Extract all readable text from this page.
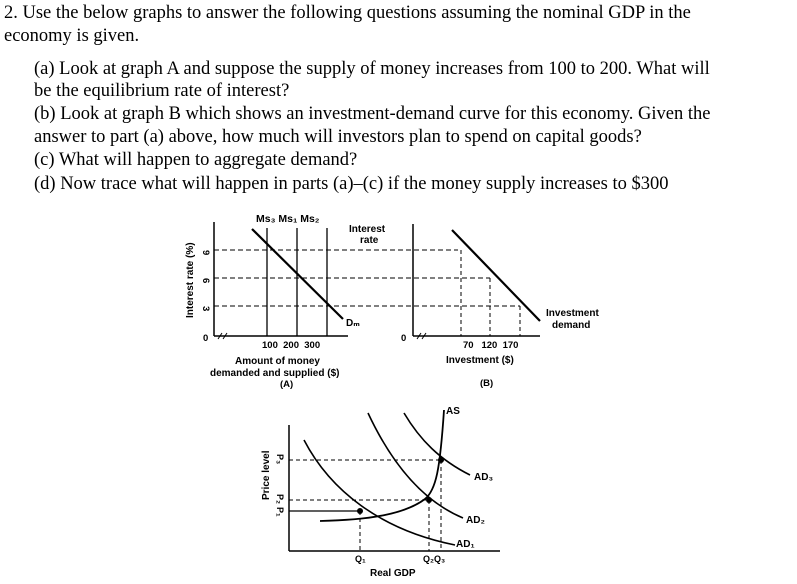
2. Use the below graphs to answer the following questions assuming the nominal GDP in the
economy is given.
(a) Look at graph A and suppose the supply of money increases from 100 to 200. What will
be the equilibrium rate of interest?
(b) Look at graph B which shows an investment-demand curve for this economy. Given the
answer to part (a) above, how much will investors plan to spend on capital goods?
(c) What will happen to aggregate demand?
(d) Now trace what will happen in parts (a)–(c) if the money supply increases to $300
Ms₃ Ms₁ Ms₂
Interest rate (%) 9
6
3
0
100  200  300
Dₘ
Amount of money
demanded and supplied ($)
(A)
Interest
rate
0
70   120  170
Investment ($)
Investment
demand
(B)
AS
Price level P₃
P₂
P₁
AD₃
AD₂
AD₁
Q₁	Q₂Q₃
Real GDP
